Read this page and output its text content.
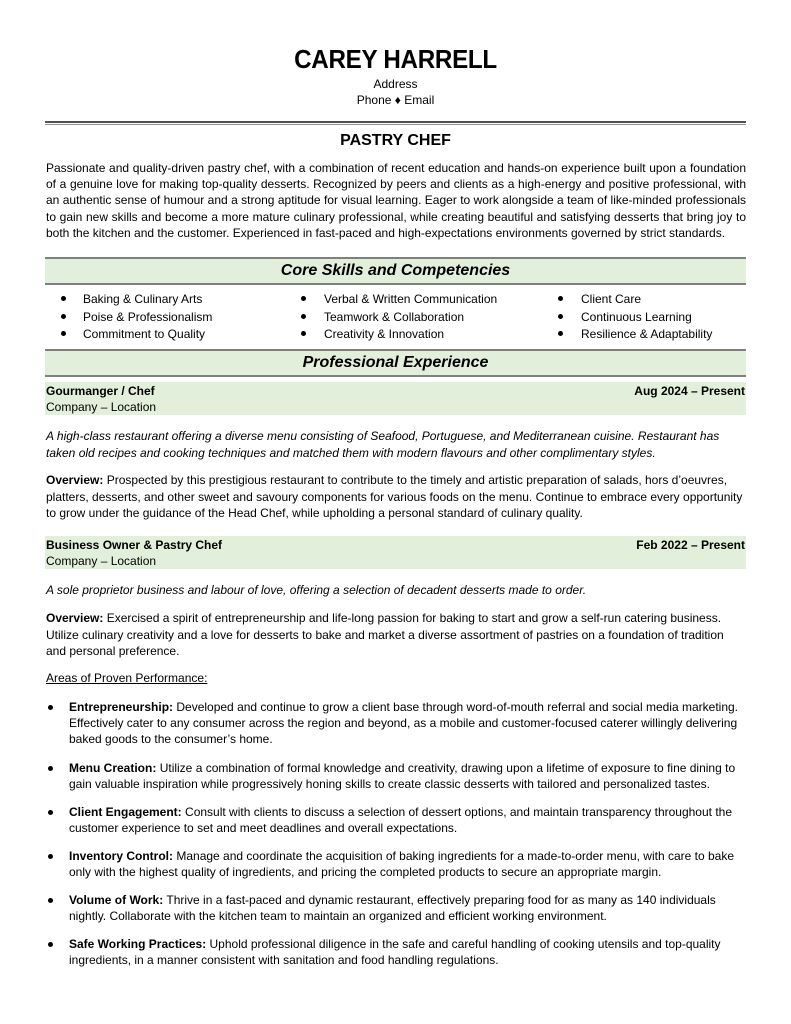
CAREY HARRELL
Address
Phone ♦ Email
PASTRY CHEF
Passionate and quality-driven pastry chef, with a combination of recent education and hands-on experience built upon a foundation of a genuine love for making top-quality desserts. Recognized by peers and clients as a high-energy and positive professional, with an authentic sense of humour and a strong aptitude for visual learning. Eager to work alongside a team of like-minded professionals to gain new skills and become a more mature culinary professional, while creating beautiful and satisfying desserts that bring joy to both the kitchen and the customer. Experienced in fast-paced and high-expectations environments governed by strict standards.
Core Skills and Competencies
Baking & Culinary Arts
Poise & Professionalism
Commitment to Quality
Verbal & Written Communication
Teamwork & Collaboration
Creativity & Innovation
Client Care
Continuous Learning
Resilience & Adaptability
Professional Experience
Gourmanger / Chef	Aug 2024 – Present
Company – Location
A high-class restaurant offering a diverse menu consisting of Seafood, Portuguese, and Mediterranean cuisine. Restaurant has taken old recipes and cooking techniques and matched them with modern flavours and other complimentary styles.
Overview: Prospected by this prestigious restaurant to contribute to the timely and artistic preparation of salads, hors d’oeuvres, platters, desserts, and other sweet and savoury components for various foods on the menu. Continue to embrace every opportunity to grow under the guidance of the Head Chef, while upholding a personal standard of culinary quality.
Business Owner & Pastry Chef	Feb 2022 – Present
Company – Location
A sole proprietor business and labour of love, offering a selection of decadent desserts made to order.
Overview: Exercised a spirit of entrepreneurship and life-long passion for baking to start and grow a self-run catering business. Utilize culinary creativity and a love for desserts to bake and market a diverse assortment of pastries on a foundation of tradition and personal preference.
Areas of Proven Performance:
Entrepreneurship: Developed and continue to grow a client base through word-of-mouth referral and social media marketing. Effectively cater to any consumer across the region and beyond, as a mobile and customer-focused caterer willingly delivering baked goods to the consumer’s home.
Menu Creation: Utilize a combination of formal knowledge and creativity, drawing upon a lifetime of exposure to fine dining to gain valuable inspiration while progressively honing skills to create classic desserts with tailored and personalized tastes.
Client Engagement: Consult with clients to discuss a selection of dessert options, and maintain transparency throughout the customer experience to set and meet deadlines and overall expectations.
Inventory Control: Manage and coordinate the acquisition of baking ingredients for a made-to-order menu, with care to bake only with the highest quality of ingredients, and pricing the completed products to secure an appropriate margin.
Volume of Work: Thrive in a fast-paced and dynamic restaurant, effectively preparing food for as many as 140 individuals nightly. Collaborate with the kitchen team to maintain an organized and efficient working environment.
Safe Working Practices: Uphold professional diligence in the safe and careful handling of cooking utensils and top-quality ingredients, in a manner consistent with sanitation and food handling regulations.
